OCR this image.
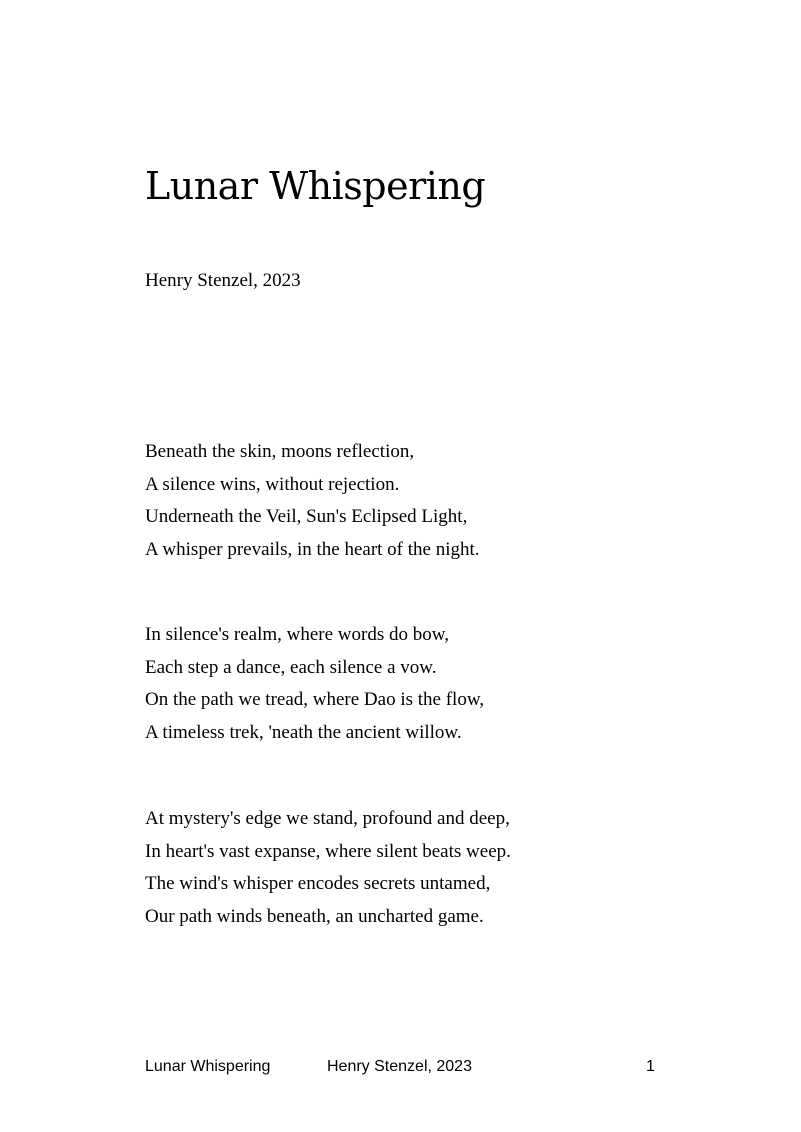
Lunar Whispering

Henry Stenzel, 2023

Beneath the skin, moons reflection,
A silence wins, without rejection.
Underneath the Veil, Sun's Eclipsed Light,
A whisper prevails, in the heart of the night.
In silence's realm, where words do bow,
Each step a dance, each silence a vow.
On the path we tread, where Dao is the flow,
A timeless trek, 'neath the ancient willow.
At mystery's edge we stand, profound and deep,
In heart's vast expanse, where silent beats weep.
The wind's whisper encodes secrets untamed,
Our path winds beneath, an uncharted game.
Lunar Whispering	Henry Stenzel, 2023	1
